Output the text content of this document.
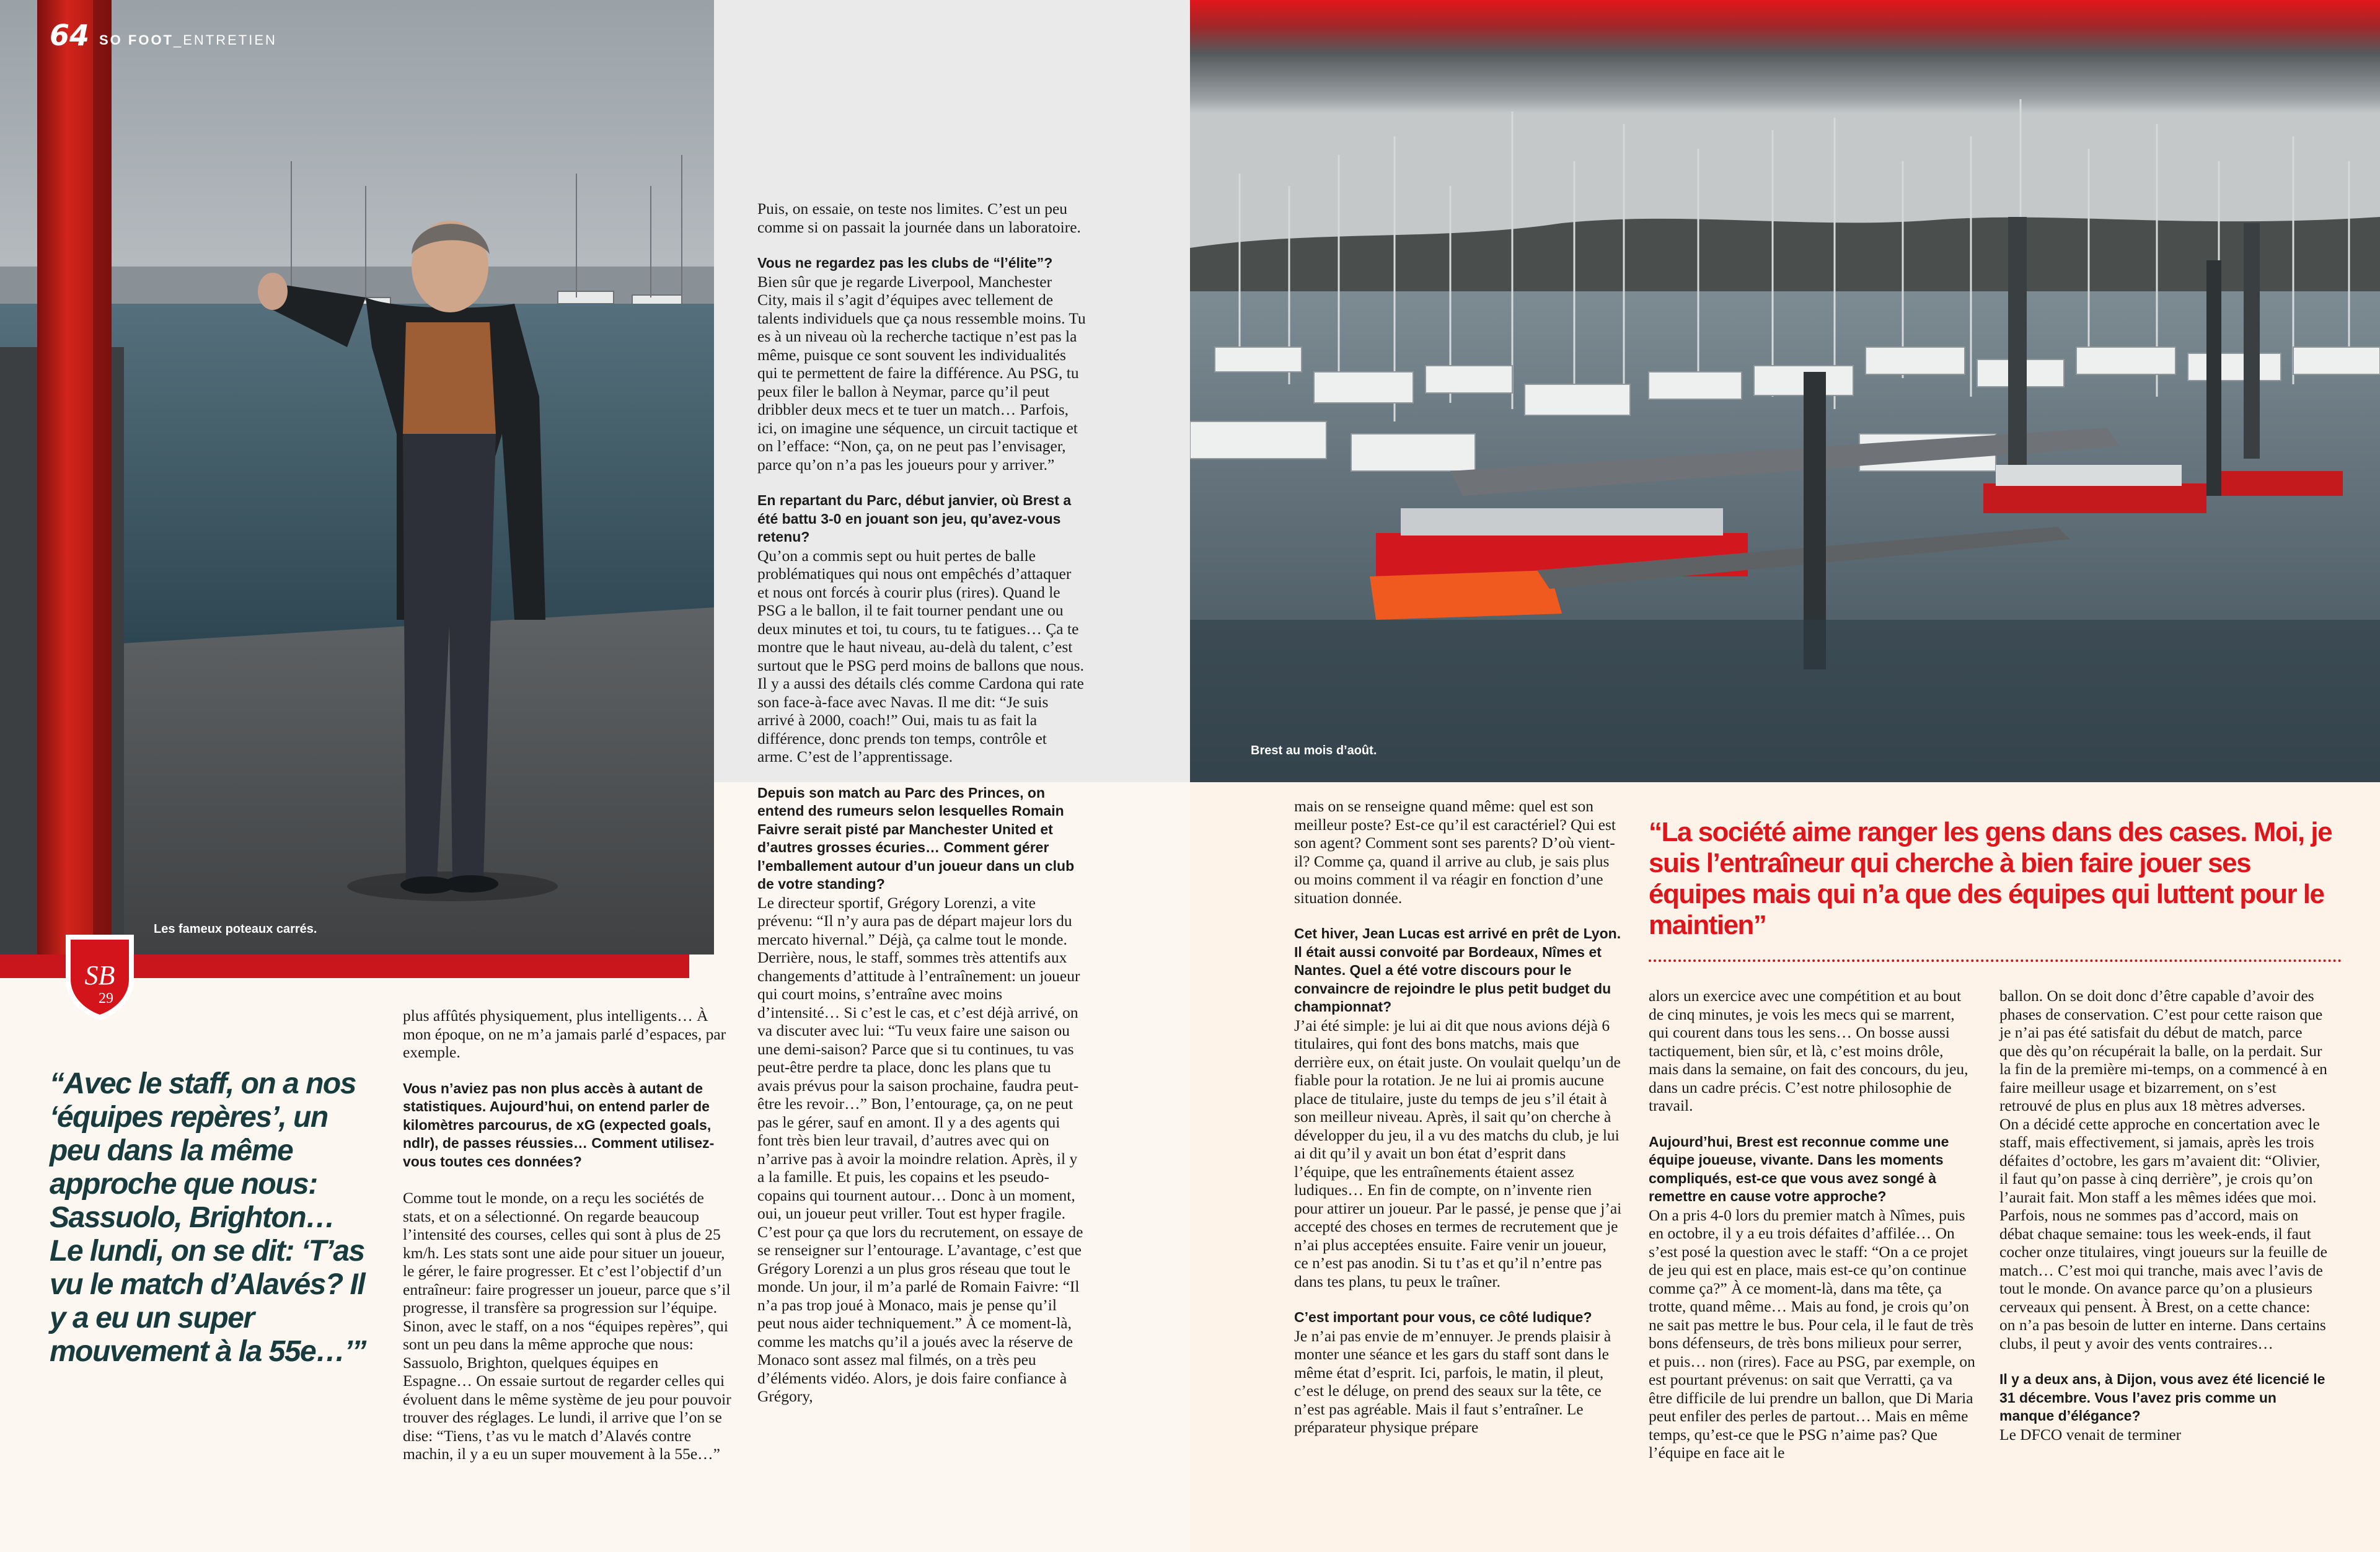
64 SO FOOT_ENTRETIEN
Les fameux poteaux carrés.
Brest au mois d’août.
SB
29
“Avec le staff, on a nos ‘équipes repères’, un peu dans la même approche que nous: Sassuolo, Brighton… Le lundi, on se dit: ‘T’as vu le match d’Alavés? Il y a eu un super mouvement à la 55e…’”
“La société aime ranger les gens dans des cases. Moi, je suis l’entraîneur qui cherche à bien faire jouer ses équipes mais qui n’a que des équipes qui luttent pour le maintien”

plus affûtés physiquement, plus intelligents… À mon époque, on ne m’a jamais parlé d’espaces, par exemple.

Vous n’aviez pas non plus accès à autant de statistiques. Aujourd’hui, on entend parler de kilomètres parcourus, de xG (expected goals, ndlr), de passes réussies… Comment utilisez-vous toutes ces données?

Comme tout le monde, on a reçu les sociétés de stats, et on a sélectionné. On regarde beaucoup l’intensité des courses, celles qui sont à plus de 25 km/h. Les stats sont une aide pour situer un joueur, le gérer, le faire progresser. Et c’est l’objectif d’un entraîneur: faire progresser un joueur, parce que s’il progresse, il transfère sa progression sur l’équipe. Sinon, avec le staff, on a nos “équipes repères”, qui sont un peu dans la même approche que nous: Sassuolo, Brighton, quelques équipes en Espagne… On essaie surtout de regarder celles qui évoluent dans le même système de jeu pour pouvoir trouver des réglages. Le lundi, il arrive que l’on se dise: “Tiens, t’as vu le match d’Alavés contre machin, il y a eu un super mouvement à la 55e…”

Puis, on essaie, on teste nos limites. C’est un peu comme si on passait la journée dans un laboratoire.

Vous ne regardez pas les clubs de “l’élite”?

Bien sûr que je regarde Liverpool, Manchester City, mais il s’agit d’équipes avec tellement de talents individuels que ça nous ressemble moins. Tu es à un niveau où la recherche tactique n’est pas la même, puisque ce sont souvent les individualités qui te permettent de faire la différence. Au PSG, tu peux filer le ballon à Neymar, parce qu’il peut dribbler deux mecs et te tuer un match… Parfois, ici, on imagine une séquence, un circuit tactique et on l’efface: “Non, ça, on ne peut pas l’envisager, parce qu’on n’a pas les joueurs pour y arriver.”

En repartant du Parc, début janvier, où Brest a été battu 3-0 en jouant son jeu, qu’avez-vous retenu?

Qu’on a commis sept ou huit pertes de balle problématiques qui nous ont empêchés d’attaquer et nous ont forcés à courir plus (rires). Quand le PSG a le ballon, il te fait tourner pendant une ou deux minutes et toi, tu cours, tu te fatigues… Ça te montre que le haut niveau, au-delà du talent, c’est surtout que le PSG perd moins de ballons que nous. Il y a aussi des détails clés comme Cardona qui rate son face-à-face avec Navas. Il me dit: “Je suis arrivé à 2000, coach!” Oui, mais tu as fait la différence, donc prends ton temps, contrôle et arme. C’est de l’apprentissage.

Depuis son match au Parc des Princes, on entend des rumeurs selon lesquelles Romain Faivre serait pisté par Manchester United et d’autres grosses écuries… Comment gérer l’emballement autour d’un joueur dans un club de votre standing?

Le directeur sportif, Grégory Lorenzi, a vite prévenu: “Il n’y aura pas de départ majeur lors du mercato hivernal.” Déjà, ça calme tout le monde. Derrière, nous, le staff, sommes très attentifs aux changements d’attitude à l’entraînement: un joueur qui court moins, s’entraîne avec moins d’intensité… Si c’est le cas, et c’est déjà arrivé, on va discuter avec lui: “Tu veux faire une saison ou une demi-saison? Parce que si tu continues, tu vas peut-être perdre ta place, donc les plans que tu avais prévus pour la saison prochaine, faudra peut-être les revoir…” Bon, l’entourage, ça, on ne peut pas le gérer, sauf en amont. Il y a des agents qui font très bien leur travail, d’autres avec qui on n’arrive pas à avoir la moindre relation. Après, il y a la famille. Et puis, les copains et les pseudo-copains qui tournent autour… Donc à un moment, oui, un joueur peut vriller. Tout est hyper fragile. C’est pour ça que lors du recrutement, on essaye de se renseigner sur l’entourage. L’avantage, c’est que Grégory Lorenzi a un plus gros réseau que tout le monde. Un jour, il m’a parlé de Romain Faivre: “Il n’a pas trop joué à Monaco, mais je pense qu’il peut nous aider techniquement.” À ce moment-là, comme les matchs qu’il a joués avec la réserve de Monaco sont assez mal filmés, on a très peu d’éléments vidéo. Alors, je dois faire confiance à Grégory,

mais on se renseigne quand même: quel est son meilleur poste? Est-ce qu’il est caractériel? Qui est son agent? Comment sont ses parents? D’où vient-il? Comme ça, quand il arrive au club, je sais plus ou moins comment il va réagir en fonction d’une situation donnée.

Cet hiver, Jean Lucas est arrivé en prêt de Lyon. Il était aussi convoité par Bordeaux, Nîmes et Nantes. Quel a été votre discours pour le convaincre de rejoindre le plus petit budget du championnat?

J’ai été simple: je lui ai dit que nous avions déjà 6 titulaires, qui font des bons matchs, mais que derrière eux, on était juste. On voulait quelqu’un de fiable pour la rotation. Je ne lui ai promis aucune place de titulaire, juste du temps de jeu s’il était à son meilleur niveau. Après, il sait qu’on cherche à développer du jeu, il a vu des matchs du club, je lui ai dit qu’il y avait un bon état d’esprit dans l’équipe, que les entraînements étaient assez ludiques… En fin de compte, on n’invente rien pour attirer un joueur. Par le passé, je pense que j’ai accepté des choses en termes de recrutement que je n’ai plus acceptées ensuite. Faire venir un joueur, ce n’est pas anodin. Si tu t’as et qu’il n’entre pas dans tes plans, tu peux le traîner.

C’est important pour vous, ce côté ludique?

Je n’ai pas envie de m’ennuyer. Je prends plaisir à monter une séance et les gars du staff sont dans le même état d’esprit. Ici, parfois, le matin, il pleut, c’est le déluge, on prend des seaux sur la tête, ce n’est pas agréable. Mais il faut s’entraîner. Le préparateur physique prépare

alors un exercice avec une compétition et au bout de cinq minutes, je vois les mecs qui se marrent, qui courent dans tous les sens… On bosse aussi tactiquement, bien sûr, et là, c’est moins drôle, mais dans la semaine, on fait des concours, du jeu, dans un cadre précis. C’est notre philosophie de travail.

Aujourd’hui, Brest est reconnue comme une équipe joueuse, vivante. Dans les moments compliqués, est-ce que vous avez songé à remettre en cause votre approche?

On a pris 4-0 lors du premier match à Nîmes, puis en octobre, il y a eu trois défaites d’affilée… On s’est posé la question avec le staff: “On a ce projet de jeu qui est en place, mais est-ce qu’on continue comme ça?” À ce moment-là, dans ma tête, ça trotte, quand même… Mais au fond, je crois qu’on ne sait pas mettre le bus. Pour cela, il le faut de très bons défenseurs, de très bons milieux pour serrer, et puis… non (rires). Face au PSG, par exemple, on est pourtant prévenus: on sait que Verratti, ça va être difficile de lui prendre un ballon, que Di Maria peut enfiler des perles de partout… Mais en même temps, qu’est-ce que le PSG n’aime pas? Que l’équipe en face ait le

ballon. On se doit donc d’être capable d’avoir des phases de conservation. C’est pour cette raison que je n’ai pas été satisfait du début de match, parce que dès qu’on récupérait la balle, on la perdait. Sur la fin de la première mi-temps, on a commencé à en faire meilleur usage et bizarrement, on s’est retrouvé de plus en plus aux 18 mètres adverses. On a décidé cette approche en concertation avec le staff, mais effectivement, si jamais, après les trois défaites d’octobre, les gars m’avaient dit: “Olivier, il faut qu’on passe à cinq derrière”, je crois qu’on l’aurait fait. Mon staff a les mêmes idées que moi. Parfois, nous ne sommes pas d’accord, mais on débat chaque semaine: tous les week-ends, il faut cocher onze titulaires, vingt joueurs sur la feuille de match… C’est moi qui tranche, mais avec l’avis de tout le monde. On avance parce qu’on a plusieurs cerveaux qui pensent. À Brest, on a cette chance: on n’a pas besoin de lutter en interne. Dans certains clubs, il peut y avoir des vents contraires…

Il y a deux ans, à Dijon, vous avez été licencié le 31 décembre. Vous l’avez pris comme un manque d’élégance?

Le DFCO venait de terminer
